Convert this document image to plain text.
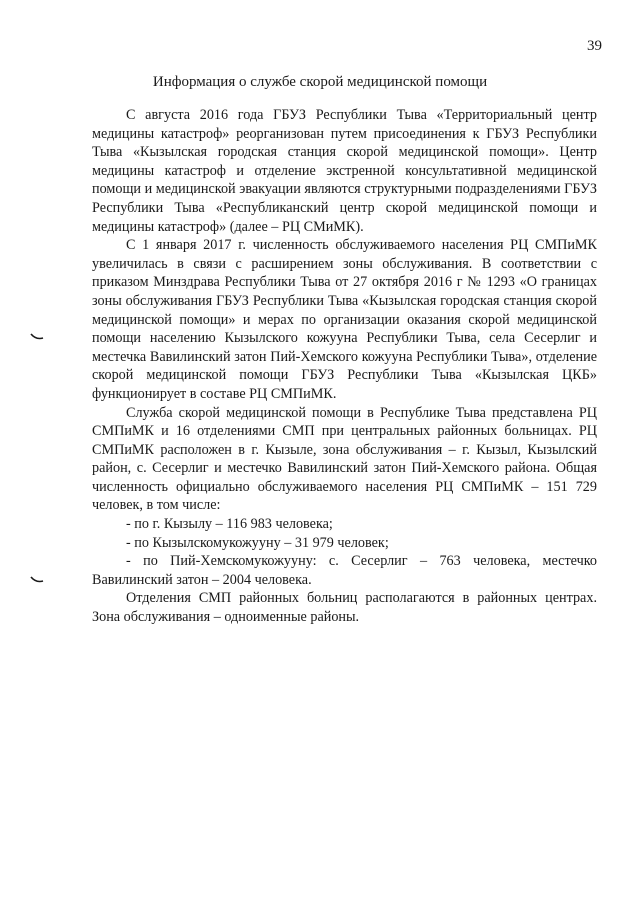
39
Информация о службе скорой медицинской помощи

С августа 2016 года ГБУЗ Республики Тыва «Территориальный центр медицины катастроф» реорганизован путем присоединения к ГБУЗ Республики Тыва «Кызылская городская станция скорой медицинской помощи». Центр медицины катастроф и отделение экстренной консультативной медицинской помощи и медицинской эвакуации являются структурными подразделениями ГБУЗ Республики Тыва «Республиканский центр скорой медицинской помощи и медицины катастроф» (далее – РЦ СМиМК).

С 1 января 2017 г. численность обслуживаемого населения РЦ СМПиМК увеличилась в связи с расширением зоны обслуживания. В соответствии с приказом Минздрава Республики Тыва от 27 октября 2016 г № 1293 «О границах зоны обслуживания ГБУЗ Республики Тыва «Кызылская городская станция скорой медицинской помощи» и мерах по организации оказания скорой медицинской помощи населению Кызылского кожууна Республики Тыва, села Сесерлиг и местечка Вавилинский затон Пий-Хемского кожууна Республики Тыва», отделение скорой медицинской помощи ГБУЗ Республики Тыва «Кызылская ЦКБ» функционирует в составе РЦ СМПиМК.

Служба скорой медицинской помощи в Республике Тыва представлена РЦ СМПиМК и 16 отделениями СМП при центральных районных больницах. РЦ СМПиМК расположен в г. Кызыле, зона обслуживания – г. Кызыл, Кызылский район, с. Сесерлиг и местечко Вавилинский затон Пий-Хемского района. Общая численность официально обслуживаемого населения РЦ СМПиМК – 151 729 человек, в том числе:

- по г. Кызылу – 116 983 человека;

- по Кызылскомукожууну – 31 979 человек;

- по Пий-Хемскомукожууну: с. Сесерлиг – 763 человека, местечко Вавилинский затон – 2004 человека.

Отделения СМП районных больниц располагаются в районных центрах. Зона обслуживания – одноименные районы.
